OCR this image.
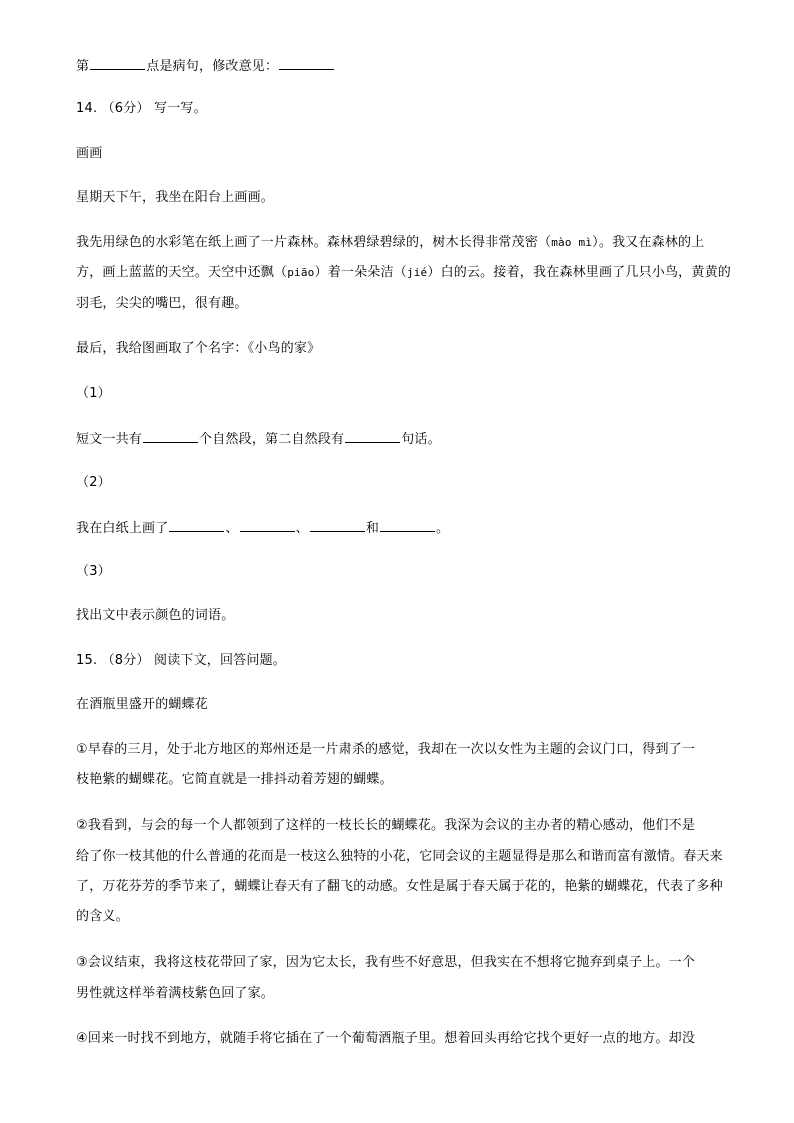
第	点是病句，修改意见：
14. （6分） 写一写。
画画
星期天下午，我坐在阳台上画画。
我先用绿色的水彩笔在纸上画了一片森林。森林碧绿碧绿的，树木长得非常茂密（mào mì）。我又在森林的上
方，画上蓝蓝的天空。天空中还飘（piāo）着一朵朵洁（jié）白的云。接着，我在森林里画了几只小鸟，黄黄的
羽毛，尖尖的嘴巴，很有趣。
最后，我给图画取了个名字：《小鸟的家》
（1）
短文一共有	个自然段，第二自然段有	句话。
（2）
我在白纸上画了	、	、	和	。
（3）
找出文中表示颜色的词语。
15. （8分） 阅读下文，回答问题。
在酒瓶里盛开的蝴蝶花
①早春的三月，处于北方地区的郑州还是一片肃杀的感觉，我却在一次以女性为主题的会议门口，得到了一
枝艳紫的蝴蝶花。它简直就是一排抖动着芳翅的蝴蝶。
②我看到，与会的每一个人都领到了这样的一枝长长的蝴蝶花。我深为会议的主办者的精心感动，他们不是
给了你一枝其他的什么普通的花而是一枝这么独特的小花，它同会议的主题显得是那么和谐而富有激情。春天来
了，万花芬芳的季节来了，蝴蝶让春天有了翻飞的动感。女性是属于春天属于花的，艳紫的蝴蝶花，代表了多种
的含义。
③会议结束，我将这枝花带回了家，因为它太长，我有些不好意思，但我实在不想将它抛弃到桌子上。一个
男性就这样举着满枝紫色回了家。
④回来一时找不到地方，就随手将它插在了一个葡萄酒瓶子里。想着回头再给它找个更好一点的地方。却没
